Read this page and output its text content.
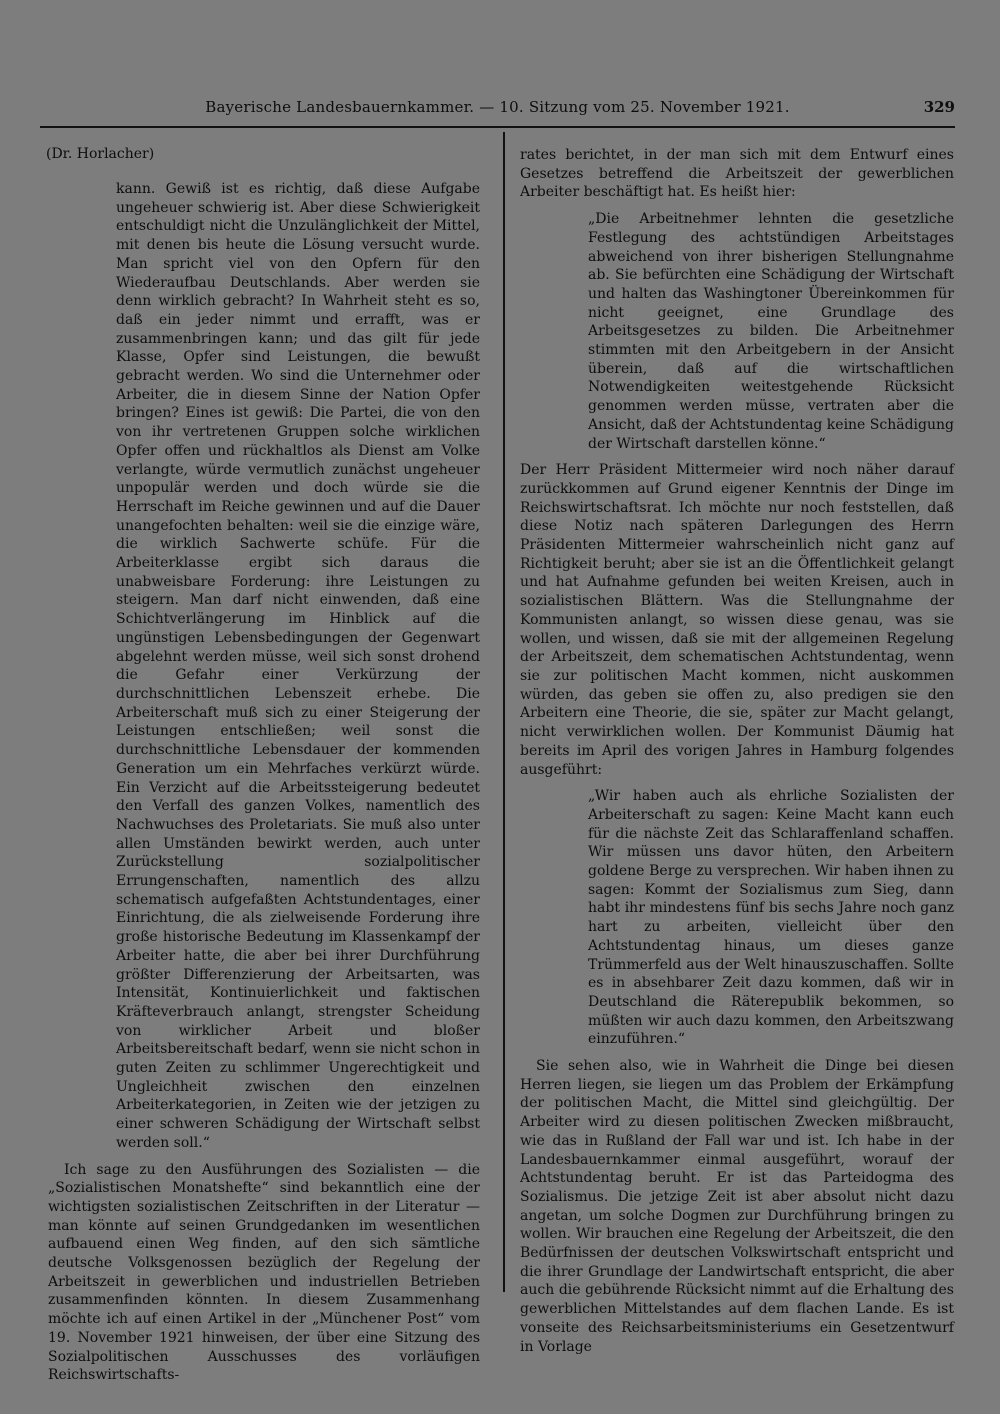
Bayerische Landesbauernkammer. — 10. Sitzung vom 25. November 1921.	329
(Dr. Horlacher)

kann. Gewiß ist es richtig, daß diese Aufgabe ungeheuer schwierig ist. Aber diese Schwierigkeit entschuldigt nicht die Unzulänglichkeit der Mittel, mit denen bis heute die Lösung versucht wurde. Man spricht viel von den Opfern für den Wiederaufbau Deutschlands. Aber werden sie denn wirklich gebracht? In Wahrheit steht es so, daß ein jeder nimmt und errafft, was er zusammenbringen kann; und das gilt für jede Klasse, Opfer sind Leistungen, die bewußt gebracht werden. Wo sind die Unternehmer oder Arbeiter, die in diesem Sinne der Nation Opfer bringen? Eines ist gewiß: Die Partei, die von den von ihr vertretenen Gruppen solche wirklichen Opfer offen und rückhaltlos als Dienst am Volke verlangte, würde vermutlich zunächst ungeheuer unpopulär werden und doch würde sie die Herrschaft im Reiche gewinnen und auf die Dauer unangefochten behalten: weil sie die einzige wäre, die wirklich Sachwerte schüfe. Für die Arbeiterklasse ergibt sich daraus die unabweisbare Forderung: ihre Leistungen zu steigern. Man darf nicht einwenden, daß eine Schichtverlängerung im Hinblick auf die ungünstigen Lebensbedingungen der Gegenwart abgelehnt werden müsse, weil sich sonst drohend die Gefahr einer Verkürzung der durchschnittlichen Lebenszeit erhebe. Die Arbeiterschaft muß sich zu einer Steigerung der Leistungen entschließen; weil sonst die durchschnittliche Lebensdauer der kommenden Generation um ein Mehrfaches verkürzt würde. Ein Verzicht auf die Arbeitssteigerung bedeutet den Verfall des ganzen Volkes, namentlich des Nachwuchses des Proletariats. Sie muß also unter allen Umständen bewirkt werden, auch unter Zurückstellung sozialpolitischer Errungenschaften, namentlich des allzu schematisch aufgefaßten Achtstundentages, einer Einrichtung, die als zielweisende Forderung ihre große historische Bedeutung im Klassenkampf der Arbeiter hatte, die aber bei ihrer Durchführung größter Differenzierung der Arbeitsarten, was Intensität, Kontinuierlichkeit und faktischen Kräfteverbrauch anlangt, strengster Scheidung von wirklicher Arbeit und bloßer Arbeitsbereitschaft bedarf, wenn sie nicht schon in guten Zeiten zu schlimmer Ungerechtigkeit und Ungleichheit zwischen den einzelnen Arbeiterkategorien, in Zeiten wie der jetzigen zu einer schweren Schädigung der Wirtschaft selbst werden soll.“

Ich sage zu den Ausführungen des Sozialisten — die „Sozialistischen Monatshefte“ sind bekanntlich eine der wichtigsten sozialistischen Zeitschriften in der Literatur — man könnte auf seinen Grundgedanken im wesentlichen aufbauend einen Weg finden, auf den sich sämtliche deutsche Volksgenossen bezüglich der Regelung der Arbeitszeit in gewerblichen und industriellen Betrieben zusammenfinden könnten. In diesem Zusammenhang möchte ich auf einen Artikel in der „Münchener Post“ vom 19. November 1921 hinweisen, der über eine Sitzung des Sozialpolitischen Ausschusses des vorläufigen Reichswirtschafts-

rates berichtet, in der man sich mit dem Entwurf eines Gesetzes betreffend die Arbeitszeit der gewerblichen Arbeiter beschäftigt hat. Es heißt hier:

„Die Arbeitnehmer lehnten die gesetzliche Festlegung des achtstündigen Arbeitstages abweichend von ihrer bisherigen Stellungnahme ab. Sie befürchten eine Schädigung der Wirtschaft und halten das Washingtoner Übereinkommen für nicht geeignet, eine Grundlage des Arbeitsgesetzes zu bilden. Die Arbeitnehmer stimmten mit den Arbeitgebern in der Ansicht überein, daß auf die wirtschaftlichen Notwendigkeiten weitestgehende Rücksicht genommen werden müsse, vertraten aber die Ansicht, daß der Achtstundentag keine Schädigung der Wirtschaft darstellen könne.“

Der Herr Präsident Mittermeier wird noch näher darauf zurückkommen auf Grund eigener Kenntnis der Dinge im Reichswirtschaftsrat. Ich möchte nur noch feststellen, daß diese Notiz nach späteren Darlegungen des Herrn Präsidenten Mittermeier wahrscheinlich nicht ganz auf Richtigkeit beruht; aber sie ist an die Öffentlichkeit gelangt und hat Aufnahme gefunden bei weiten Kreisen, auch in sozialistischen Blättern. Was die Stellungnahme der Kommunisten anlangt, so wissen diese genau, was sie wollen, und wissen, daß sie mit der allgemeinen Regelung der Arbeitszeit, dem schematischen Achtstundentag, wenn sie zur politischen Macht kommen, nicht auskommen würden, das geben sie offen zu, also predigen sie den Arbeitern eine Theorie, die sie, später zur Macht gelangt, nicht verwirklichen wollen. Der Kommunist Däumig hat bereits im April des vorigen Jahres in Hamburg folgendes ausgeführt:

„Wir haben auch als ehrliche Sozialisten der Arbeiterschaft zu sagen: Keine Macht kann euch für die nächste Zeit das Schlaraffenland schaffen. Wir müssen uns davor hüten, den Arbeitern goldene Berge zu versprechen. Wir haben ihnen zu sagen: Kommt der Sozialismus zum Sieg, dann habt ihr mindestens fünf bis sechs Jahre noch ganz hart zu arbeiten, vielleicht über den Achtstundentag hinaus, um dieses ganze Trümmerfeld aus der Welt hinauszuschaffen. Sollte es in absehbarer Zeit dazu kommen, daß wir in Deutschland die Räterepublik bekommen, so müßten wir auch dazu kommen, den Arbeitszwang einzuführen.“

Sie sehen also, wie in Wahrheit die Dinge bei diesen Herren liegen, sie liegen um das Problem der Erkämpfung der politischen Macht, die Mittel sind gleichgültig. Der Arbeiter wird zu diesen politischen Zwecken mißbraucht, wie das in Rußland der Fall war und ist. Ich habe in der Landesbauernkammer einmal ausgeführt, worauf der Achtstundentag beruht. Er ist das Parteidogma des Sozialismus. Die jetzige Zeit ist aber absolut nicht dazu angetan, um solche Dogmen zur Durchführung bringen zu wollen. Wir brauchen eine Regelung der Arbeitszeit, die den Bedürfnissen der deutschen Volkswirtschaft entspricht und die ihrer Grundlage der Landwirtschaft entspricht, die aber auch die gebührende Rücksicht nimmt auf die Erhaltung des gewerblichen Mittelstandes auf dem flachen Lande. Es ist vonseite des Reichsarbeitsministeriums ein Gesetzentwurf in Vorlage
